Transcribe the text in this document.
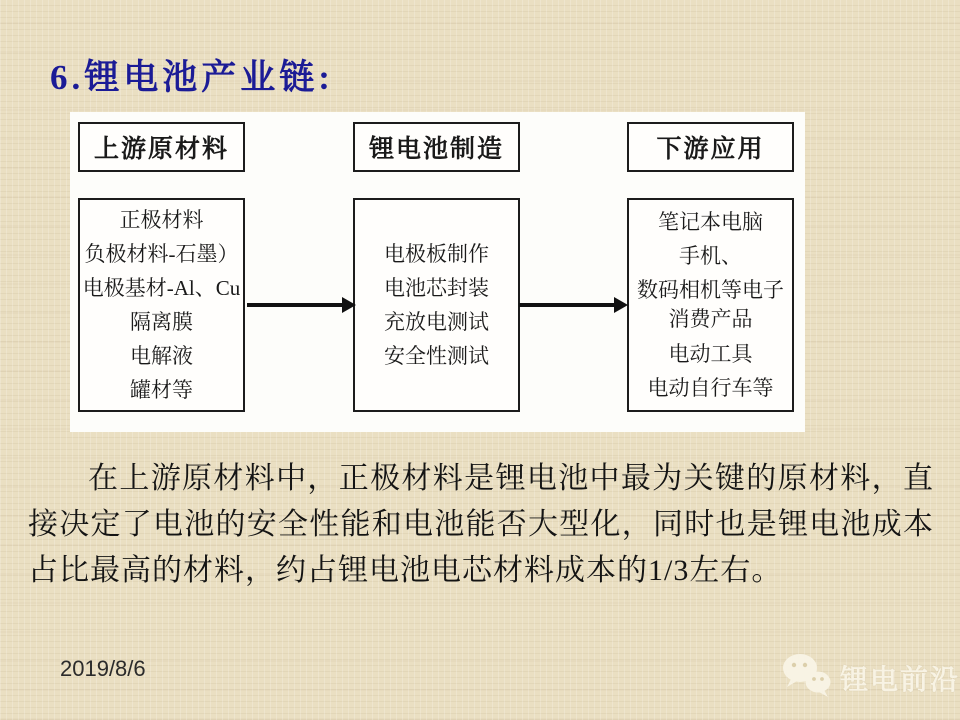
6.锂电池产业链:
上游原材料
正极材料
负极材料-石墨）
电极基材-Al、Cu
隔离膜
电解液
罐材等
锂电池制造
电极板制作
电池芯封装
充放电测试
安全性测试
下游应用
笔记本电脑
手机、
数码相机等电子消费产品
电动工具
电动自行车等
在上游原材料中，正极材料是锂电池中最为关键的原材料，直接决定了电池的安全性能和电池能否大型化，同时也是锂电池成本占比最高的材料，约占锂电池电芯材料成本的1/3左右。
2019/8/6	锂电前沿
